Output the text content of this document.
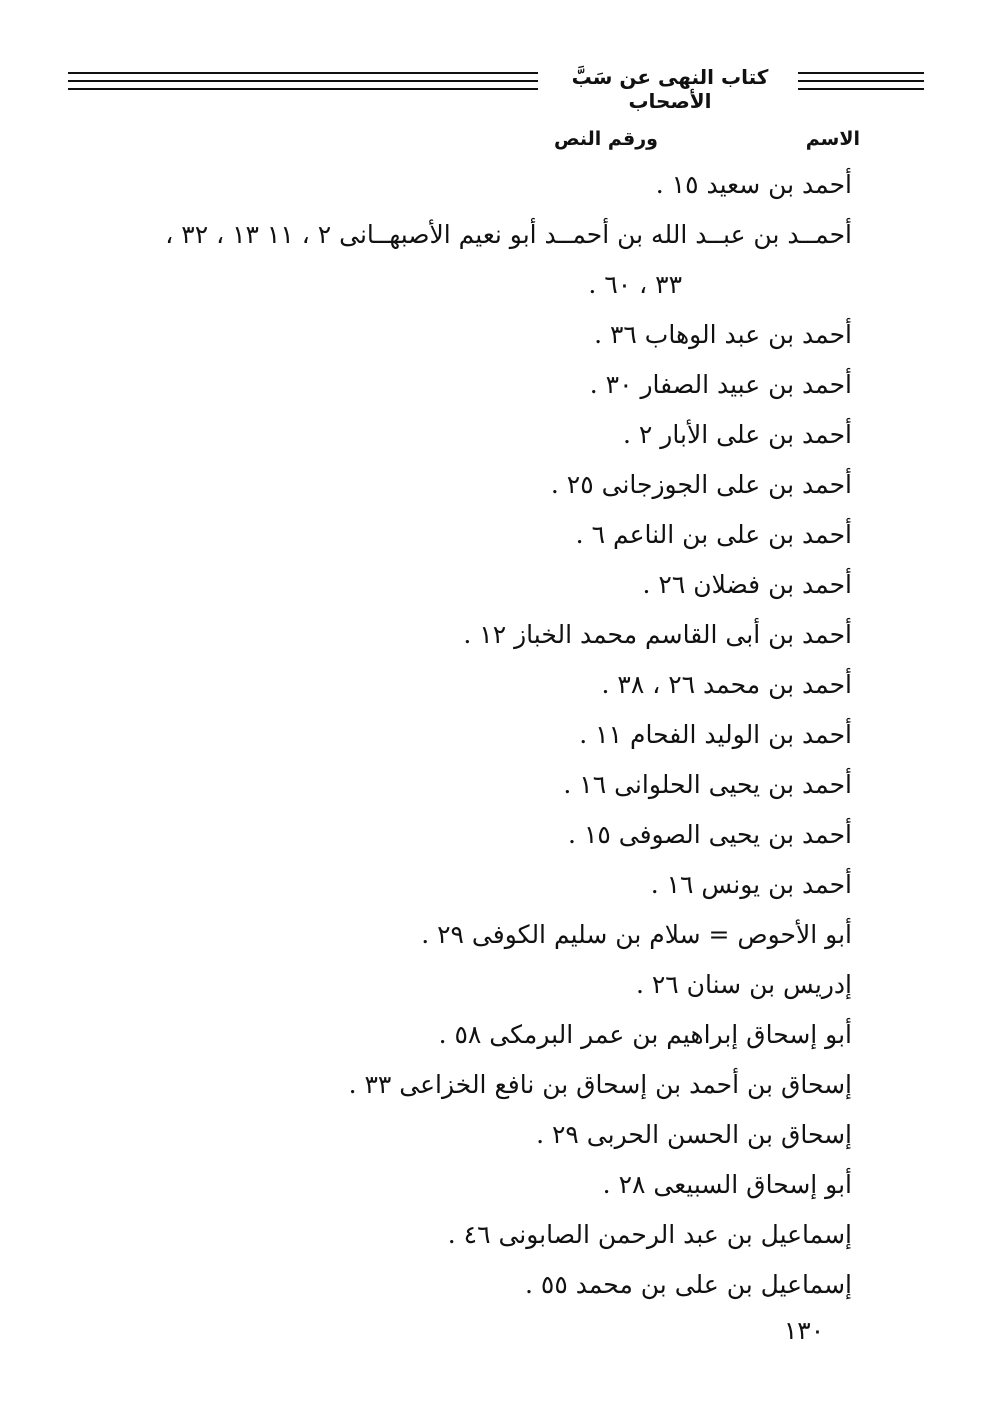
كتاب النهى عن سَبَّ الأصحاب
الاسم
ورقم النص
أحمد بن سعيد ١٥ .
أحمــد بن عبــد الله بن أحمــد أبو نعيم الأصبهــانى ٢ ، ١١ ١٣ ، ٣٢ ،
٣٣ ، ٦٠ .
أحمد بن عبد الوهاب ٣٦ .
أحمد بن عبيد الصفار ٣٠ .
أحمد بن على الأبار ٢ .
أحمد بن على الجوزجانى ٢٥ .
أحمد بن على بن الناعم ٦ .
أحمد بن فضلان ٢٦ .
أحمد بن أبى القاسم محمد الخباز ١٢ .
أحمد بن محمد ٢٦ ، ٣٨ .
أحمد بن الوليد الفحام ١١ .
أحمد بن يحيى الحلوانى ١٦ .
أحمد بن يحيى الصوفى ١٥ .
أحمد بن يونس ١٦ .
أبو الأحوص = سلام بن سليم الكوفى ٢٩ .
إدريس بن سنان ٢٦ .
أبو إسحاق إبراهيم بن عمر البرمكى ٥٨ .
إسحاق بن أحمد بن إسحاق بن نافع الخزاعى ٣٣ .
إسحاق بن الحسن الحربى ٢٩ .
أبو إسحاق السبيعى ٢٨ .
إسماعيل بن عبد الرحمن الصابونى ٤٦ .
إسماعيل بن على بن محمد ٥٥ .
١٣٠
